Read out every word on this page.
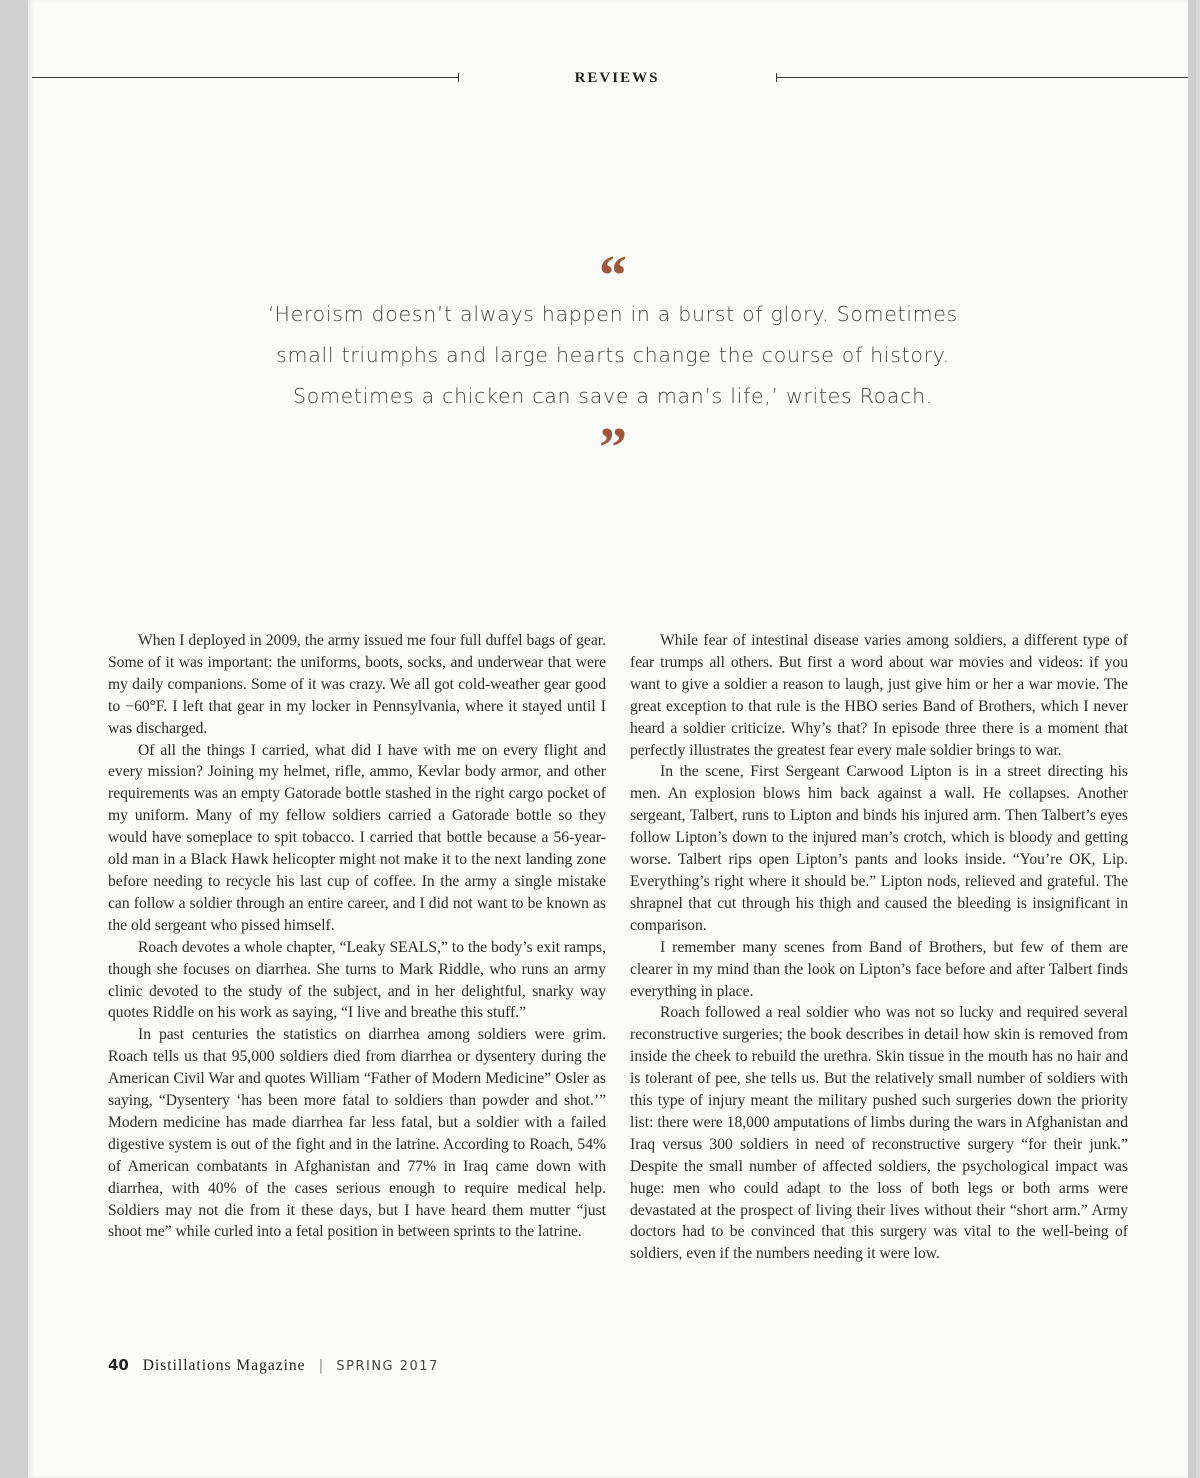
REVIEWS
“
‘Heroism doesn’t always happen in a burst of glory. Sometimes
small triumphs and large hearts change the course of history.
Sometimes a chicken can save a man’s life,’ writes Roach.
”

When I deployed in 2009, the army issued me four full duffel bags of gear. Some of it was important: the uniforms, boots, socks, and underwear that were my daily companions. Some of it was crazy. We all got cold-weather gear good to −60°F. I left that gear in my locker in Pennsylvania, where it stayed until I was discharged.

Of all the things I carried, what did I have with me on every flight and every mission? Joining my helmet, rifle, ammo, Kevlar body armor, and other requirements was an empty Gatorade bottle stashed in the right cargo pocket of my uniform. Many of my fellow soldiers carried a Gatorade bottle so they would have someplace to spit tobacco. I carried that bottle because a 56-year-old man in a Black Hawk helicopter might not make it to the next landing zone before needing to recycle his last cup of coffee. In the army a single mistake can follow a soldier through an entire career, and I did not want to be known as the old sergeant who pissed himself.

Roach devotes a whole chapter, “Leaky SEALS,” to the body’s exit ramps, though she focuses on diarrhea. She turns to Mark Riddle, who runs an army clinic devoted to the study of the subject, and in her delightful, snarky way quotes Riddle on his work as saying, “I live and breathe this stuff.”

In past centuries the statistics on diarrhea among soldiers were grim. Roach tells us that 95,000 soldiers died from diarrhea or dysentery during the American Civil War and quotes William “Father of Modern Medicine” Osler as saying, “Dysentery ‘has been more fatal to soldiers than powder and shot.’” Modern medicine has made diarrhea far less fatal, but a soldier with a failed digestive system is out of the fight and in the latrine. According to Roach, 54% of American combatants in Afghanistan and 77% in Iraq came down with diarrhea, with 40% of the cases serious enough to require medical help. Soldiers may not die from it these days, but I have heard them mutter “just shoot me” while curled into a fetal position in between sprints to the latrine.

While fear of intestinal disease varies among soldiers, a different type of fear trumps all others. But first a word about war movies and videos: if you want to give a soldier a reason to laugh, just give him or her a war movie. The great exception to that rule is the HBO series Band of Brothers, which I never heard a soldier criticize. Why’s that? In episode three there is a moment that perfectly illustrates the greatest fear every male soldier brings to war.

In the scene, First Sergeant Carwood Lipton is in a street directing his men. An explosion blows him back against a wall. He collapses. Another sergeant, Talbert, runs to Lipton and binds his injured arm. Then Talbert’s eyes follow Lipton’s down to the injured man’s crotch, which is bloody and getting worse. Talbert rips open Lipton’s pants and looks inside. “You’re OK, Lip. Everything’s right where it should be.” Lipton nods, relieved and grateful. The shrapnel that cut through his thigh and caused the bleeding is insignificant in comparison.

I remember many scenes from Band of Brothers, but few of them are clearer in my mind than the look on Lipton’s face before and after Talbert finds everything in place.

Roach followed a real soldier who was not so lucky and required several reconstructive surgeries; the book describes in detail how skin is removed from inside the cheek to rebuild the urethra. Skin tissue in the mouth has no hair and is tolerant of pee, she tells us. But the relatively small number of soldiers with this type of injury meant the military pushed such surgeries down the priority list: there were 18,000 amputations of limbs during the wars in Afghanistan and Iraq versus 300 soldiers in need of reconstructive surgery “for their junk.” Despite the small number of affected soldiers, the psychological impact was huge: men who could adapt to the loss of both legs or both arms were devastated at the prospect of living their lives without their “short arm.” Army doctors had to be convinced that this surgery was vital to the well-being of soldiers, even if the numbers needing it were low.

40 Distillations Magazine | SPRING 2017
